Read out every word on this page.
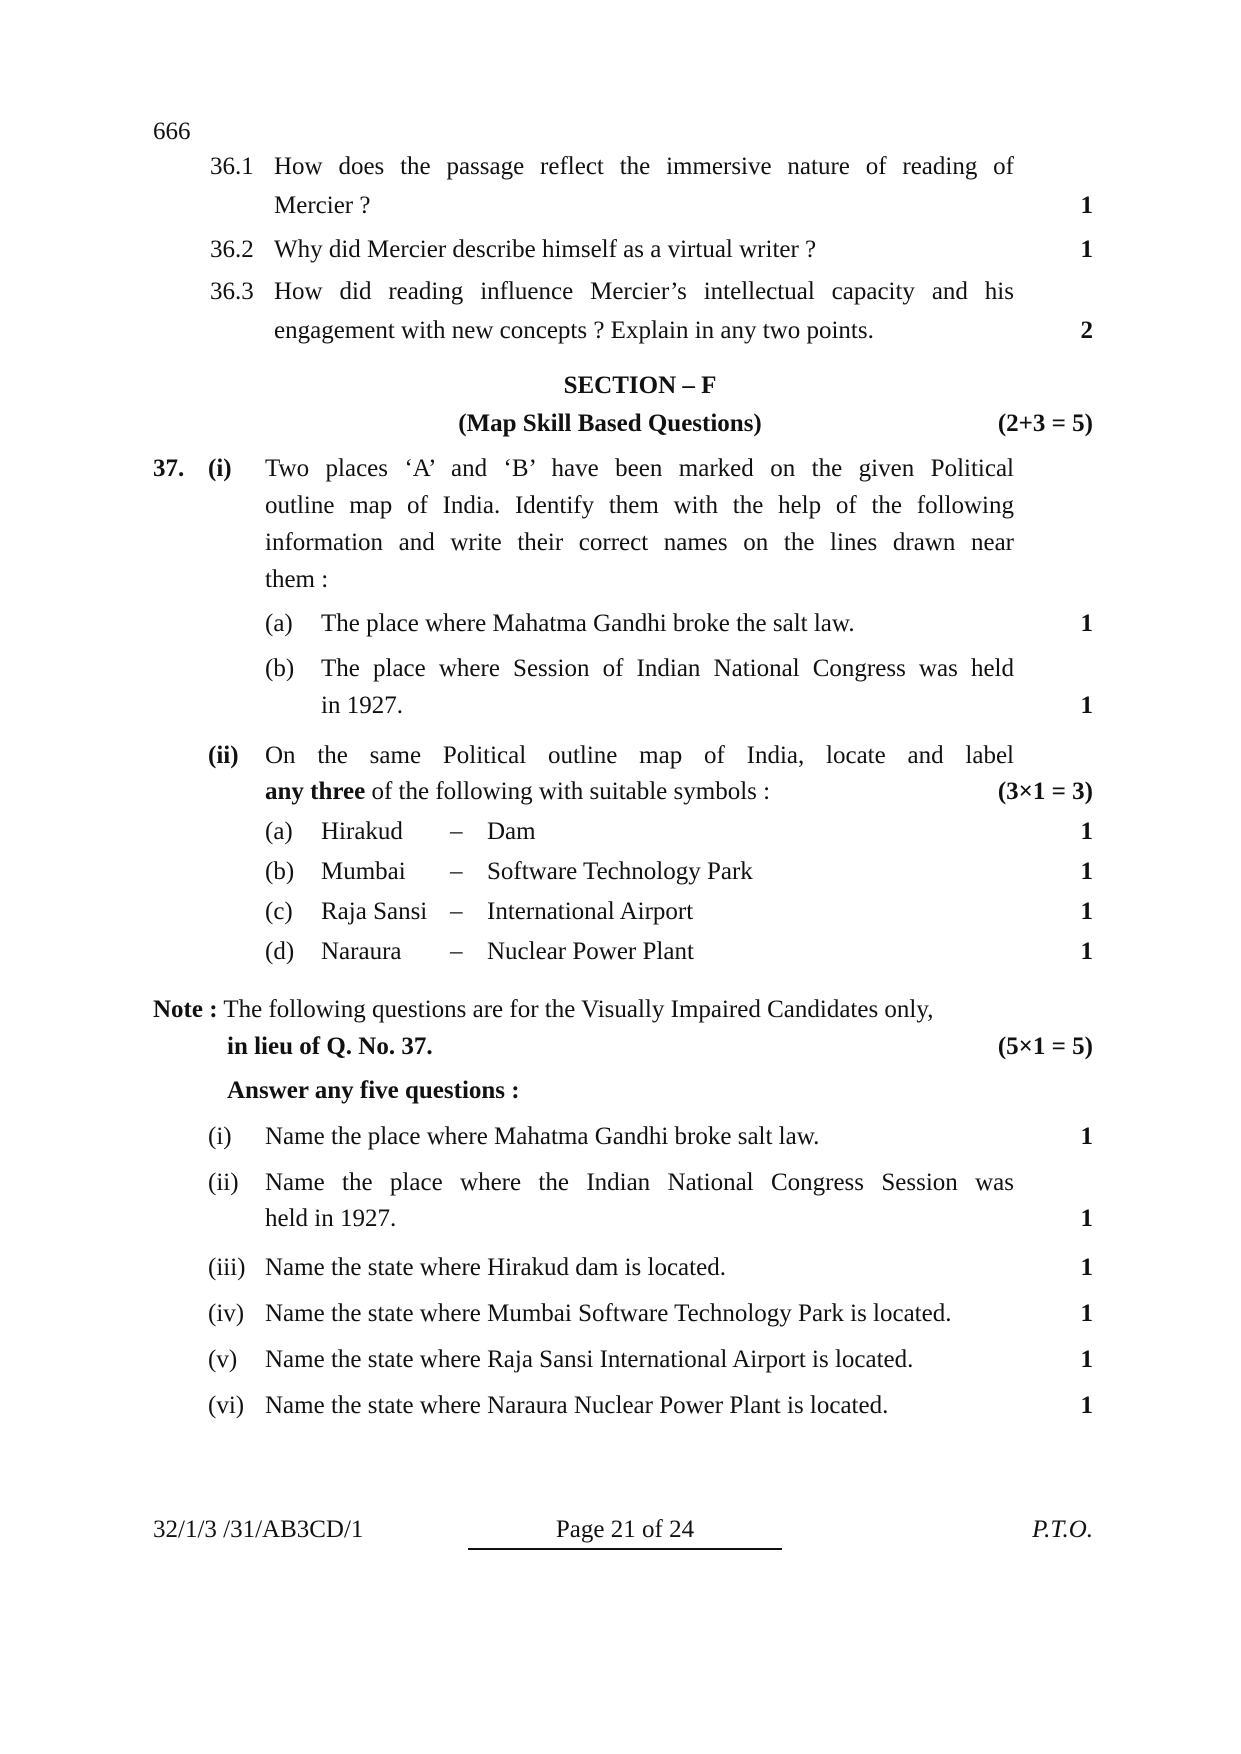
666
36.1 How does the passage reflect the immersive nature of reading of
Mercier ?	1
36.2 Why did Mercier describe himself as a virtual writer ?	1
36.3 How did reading influence Mercier’s intellectual capacity and his
engagement with new concepts ? Explain in any two points.	2
SECTION – F
(Map Skill Based Questions)	(2+3 = 5)
37. (i) Two places ‘A’ and ‘B’ have been marked on the given Political
outline map of India. Identify them with the help of the following
information and write their correct names on the lines drawn near
them :
(a) The place where Mahatma Gandhi broke the salt law.	1
(b) The place where Session of Indian National Congress was held
in 1927.	1
(ii) On the same Political outline map of India, locate and label
any three of the following with suitable symbols :	(3×1 = 3)
(a) Hirakud – Dam	1
(b) Mumbai – Software Technology Park	1
(c) Raja Sansi – International Airport	1
(d) Naraura – Nuclear Power Plant	1
Note : The following questions are for the Visually Impaired Candidates only,
in lieu of Q. No. 37.	(5×1 = 5)
Answer any five questions :
(i) Name the place where Mahatma Gandhi broke salt law.	1
(ii) Name the place where the Indian National Congress Session was
held in 1927.	1
(iii) Name the state where Hirakud dam is located.	1
(iv) Name the state where Mumbai Software Technology Park is located.	1
(v) Name the state where Raja Sansi International Airport is located.	1
(vi) Name the state where Naraura Nuclear Power Plant is located.	1
32/1/3 /31/AB3CD/1	Page 21 of 24	P.T.O.
